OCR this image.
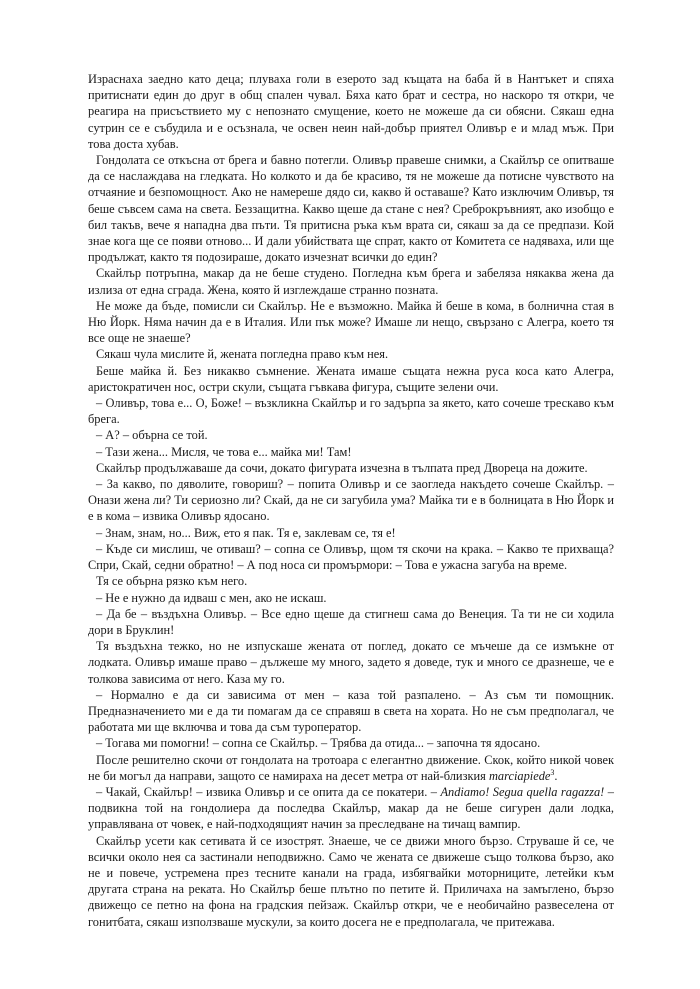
Израснаха заедно като деца; плуваха голи в езерото зад къщата на баба й в Нантъкет и спяха притиснати един до друг в общ спален чувал. Бяха като брат и сестра, но наскоро тя откри, че реагира на присъствието му с непознато смущение, което не можеше да си обясни. Сякаш една сутрин се е събудила и е осъзнала, че освен неин най-добър приятел Оливър е и млад мъж. При това доста хубав.

Гондолата се откъсна от брега и бавно потегли. Оливър правеше снимки, а Скайлър се опитваше да се наслаждава на гледката. Но колкото и да бе красиво, тя не можеше да потисне чувството на отчаяние и безпомощност. Ако не намереше дядо си, какво й оставаше? Като изключим Оливър, тя беше съвсем сама на света. Беззащитна. Какво щеше да стане с нея? Среброкръвният, ако изобщо е бил такъв, вече я нападна два пъти. Тя притисна ръка към врата си, сякаш за да се предпази. Кой знае кога ще се появи отново... И дали убийствата ще спрат, както от Комитета се надяваха, или ще продължат, както тя подозираше, докато изчезнат всички до един?

Скайлър потръпна, макар да не беше студено. Погледна към брега и забеляза някаква жена да излиза от една сграда. Жена, която й изглеждаше странно позната.

Не може да бъде, помисли си Скайлър. Не е възможно. Майка й беше в кома, в болнична стая в Ню Йорк. Няма начин да е в Италия. Или пък може? Имаше ли нещо, свързано с Алегра, което тя все още не знаеше?

Сякаш чула мислите й, жената погледна право към нея.

Беше майка й. Без никакво съмнение. Жената имаше същата нежна руса коса като Алегра, аристократичен нос, остри скули, същата гъвкава фигура, същите зелени очи.

– Оливър, това е... О, Боже! – възкликна Скайлър и го задърпа за якето, като сочеше трескаво към брега.

– А? – обърна се той.

– Тази жена... Мисля, че това е... майка ми! Там!

Скайлър продължаваше да сочи, докато фигурата изчезна в тълпата пред Двореца на дожите.

– За какво, по дяволите, говориш? – попита Оливър и се заогледа накъдето сочеше Скайлър. – Онази жена ли? Ти сериозно ли? Скай, да не си загубила ума? Майка ти е в болницата в Ню Йорк и е в кома – извика Оливър ядосано.

– Знам, знам, но... Виж, ето я пак. Тя е, заклевам се, тя е!

– Къде си мислиш, че отиваш? – сопна се Оливър, щом тя скочи на крака. – Какво те прихваща? Спри, Скай, седни обратно! – А под носа си промърмори: – Това е ужасна загуба на време.

Тя се обърна рязко към него.

– Не е нужно да идваш с мен, ако не искаш.

– Да бе – въздъхна Оливър. – Все едно щеше да стигнеш сама до Венеция. Та ти не си ходила дори в Бруклин!

Тя въздъхна тежко, но не изпускаше жената от поглед, докато се мъчеше да се измъкне от лодката. Оливър имаше право – дължеше му много, задето я доведе, тук и много се дразнеше, че е толкова зависима от него. Каза му го.

– Нормално е да си зависима от мен – каза той разпалено. – Аз съм ти помощник. Предназначението ми е да ти помагам да се справяш в света на хората. Но не съм предполагал, че работата ми ще включва и това да съм туроператор.

– Тогава ми помогни! – сопна се Скайлър. – Трябва да отида... – започна тя ядосано.

После решително скочи от гондолата на тротоара с елегантно движение. Скок, който никой човек не би могъл да направи, защото се намираха на десет метра от най-близкия marciapiede$^3$.

– Чакай, Скайлър! – извика Оливър и се опита да се покатери. – Andiamo! Segua quella ragazza! – подвикна той на гондолиера да последва Скайлър, макар да не беше сигурен дали лодка, управлявана от човек, е най-подходящият начин за преследване на тичащ вампир.

Скайлър усети как сетивата й се изострят. Знаеше, че се движи много бързо. Струваше й се, че всички около нея са застинали неподвижно. Само че жената се движеше също толкова бързо, ако не и повече, устремена през тесните канали на града, избягвайки моторниците, летейки към другата страна на реката. Но Скайлър беше плътно по петите й. Приличаха на замъглено, бързо движещо се петно на фона на градския пейзаж. Скайлър откри, че е необичайно развеселена от гонитбата, сякаш използваше мускули, за които досега не е предполагала, че притежава.
